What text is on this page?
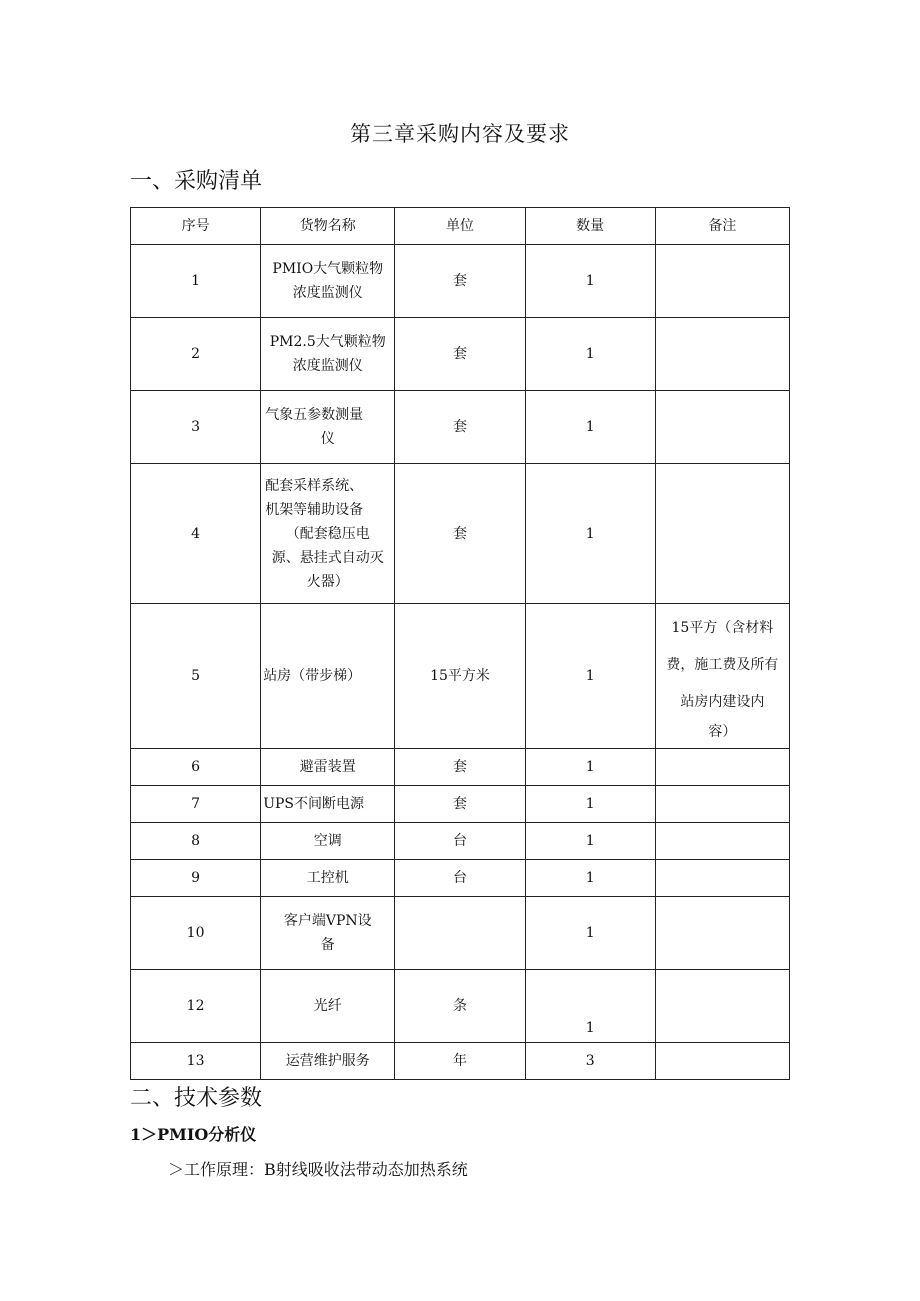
第三章采购内容及要求
一、采购清单
序号	货物名称	单位	数量	备注
1	PMIO大气颗粒物
浓度监测仪	套	1	
2	PM2.5大气颗粒物
浓度监测仪	套	1	
3	气象五参数测量
仪	套	1	
4	配套采样系统、
机架等辅助设备
（配套稳压电
源、悬挂式自动灭
火器）	套	1	
5	站房（带步梯）	15平方米	1	15平方（含材料
费，施工费及所有
站房内建设内
容）

6	避雷装置	套	1	
7	UPS不间断电源	套	1	
8	空调	台	1	
9	工控机	台	1	
10	客户端VPN设
备		1	
12	光纤	条	1	
13	运营维护服务	年	3	
二、技术参数
1＞PMIO分析仪
＞工作原理：B射线吸收法带动态加热系统
